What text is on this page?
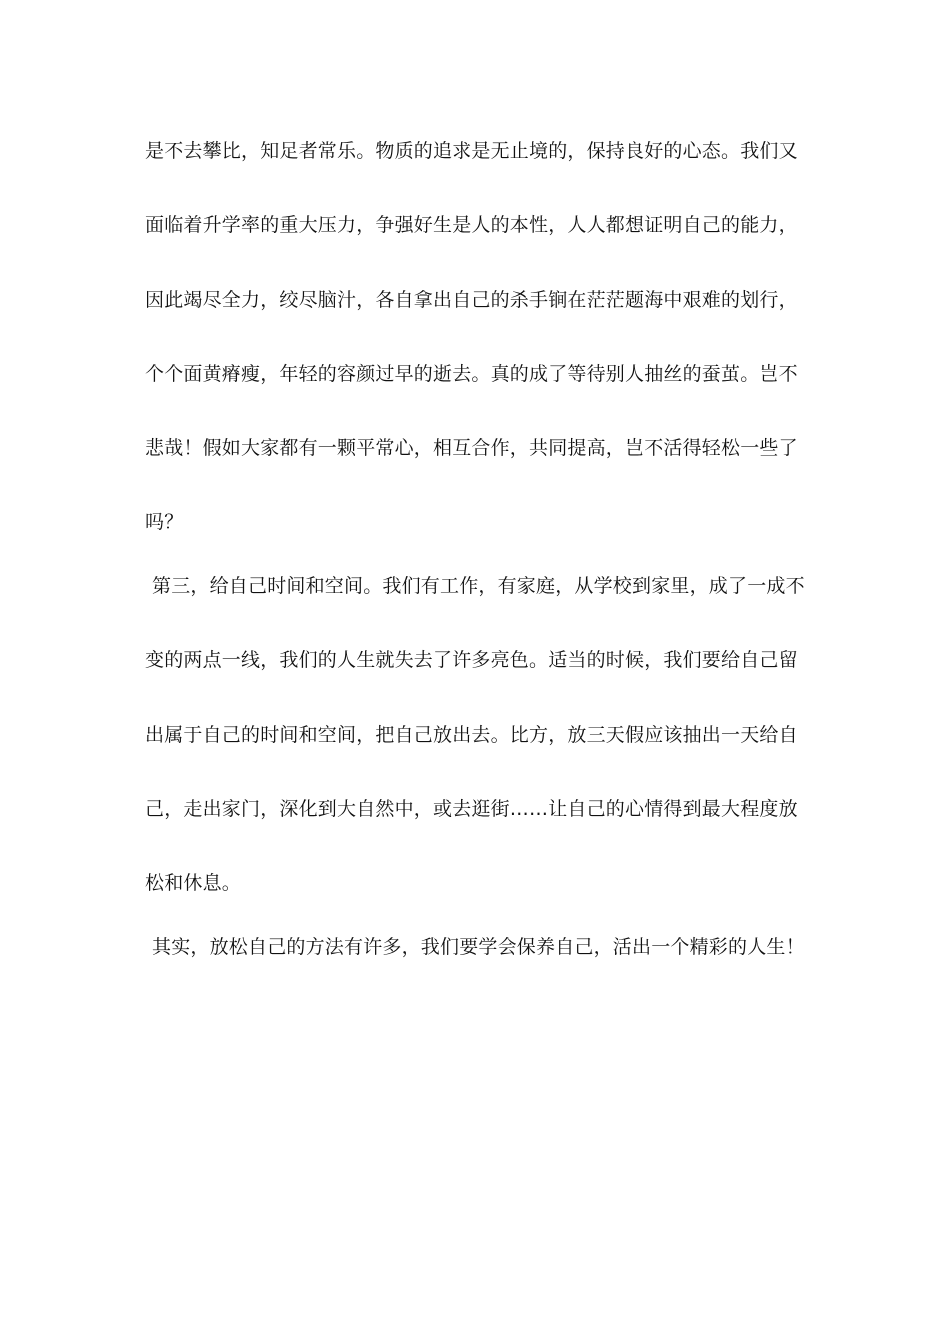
是不去攀比，知足者常乐。物质的追求是无止境的，保持良好的心态。我们又
面临着升学率的重大压力，争强好生是人的本性，人人都想证明自己的能力，
因此竭尽全力，绞尽脑汁，各自拿出自己的杀手锏在茫茫题海中艰难的划行，
个个面黄瘠瘦，年轻的容颜过早的逝去。真的成了等待别人抽丝的蚕茧。岂不
悲哉！假如大家都有一颗平常心，相互合作，共同提高，岂不活得轻松一些了
吗？
第三，给自己时间和空间。我们有工作，有家庭，从学校到家里，成了一成不
变的两点一线，我们的人生就失去了许多亮色。适当的时候，我们要给自己留
出属于自己的时间和空间，把自己放出去。比方，放三天假应该抽出一天给自
己，走出家门，深化到大自然中，或去逛街……让自己的心情得到最大程度放
松和休息。
其实，放松自己的方法有许多，我们要学会保养自己，活出一个精彩的人生！
